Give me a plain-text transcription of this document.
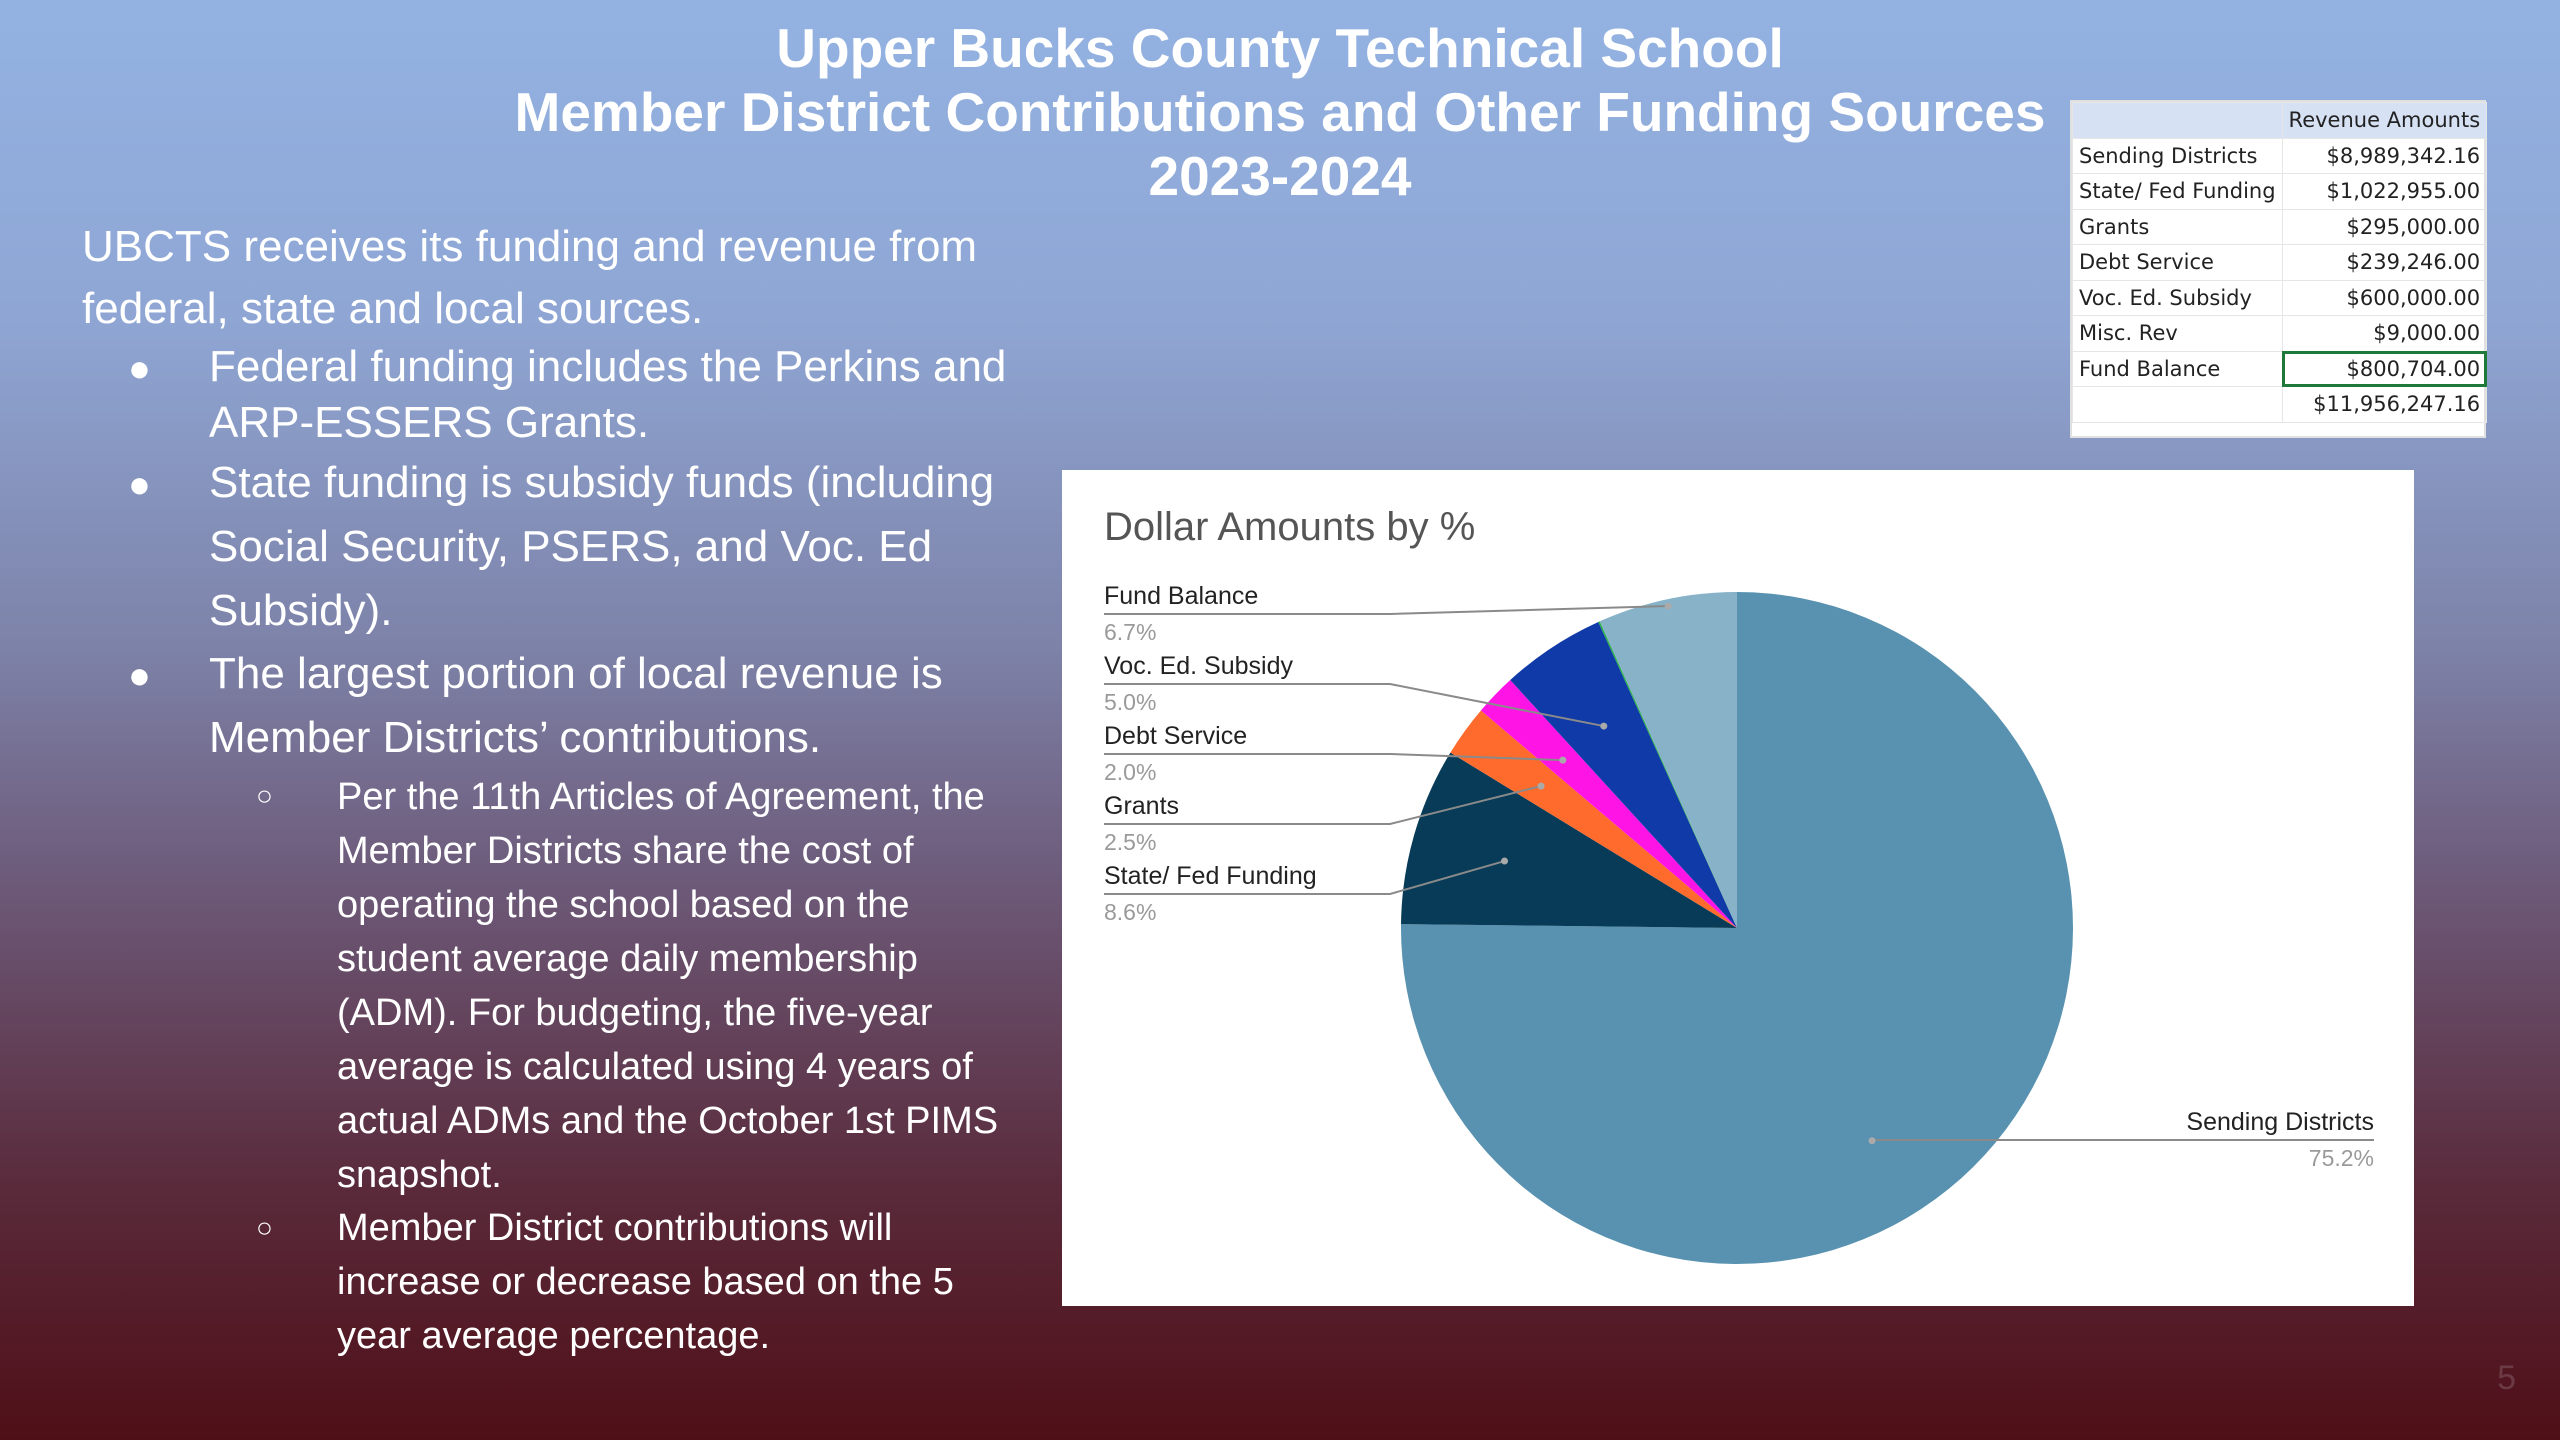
Upper Bucks County Technical School

Member District Contributions and Other Funding Sources

2023-2024

UBCTS receives its funding and revenue from federal, state and local sources.

● Federal funding includes the Perkins and ARP-ESSERS Grants.

● State funding is subsidy funds (including Social Security, PSERS, and Voc. Ed Subsidy).

● The largest portion of local revenue is Member Districts’ contributions.

○ Per the 11th Articles of Agreement, the Member Districts share the cost of operating the school based on the student average daily membership (ADM). For budgeting, the five-year average is calculated using 4 years of actual ADMs and the October 1st PIMS snapshot.

○ Member District contributions will increase or decrease based on the 5 year average percentage.

	Revenue Amounts
Sending Districts	$8,989,342.16
State/ Fed Funding	$1,022,955.00
Grants	$295,000.00
Debt Service	$239,246.00
Voc. Ed. Subsidy	$600,000.00
Misc. Rev	$9,000.00
Fund Balance	$800,704.00
	$11,956,247.16
Dollar Amounts by %
Sending Districts
75.2%
State/ Fed Funding
8.6%
Grants
2.5%
Debt Service
2.0%
Voc. Ed. Subsidy
5.0%
Fund Balance
6.7%
5
